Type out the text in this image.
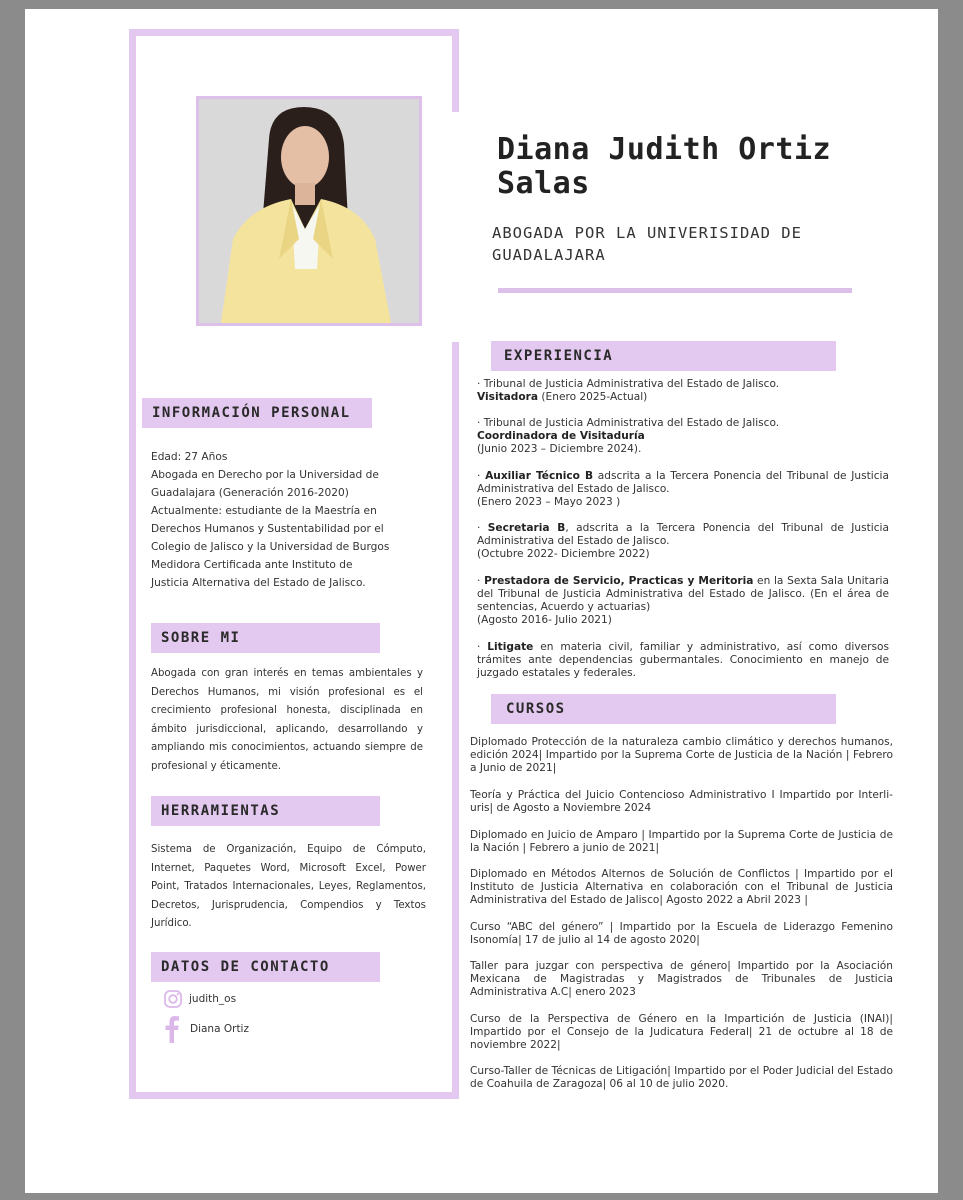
Diana Judith Ortiz
Salas
ABOGADA POR LA UNIVERISIDAD DE
GUADALAJARA
INFORMACIÓN PERSONAL

Edad: 27 Años

Abogada en Derecho por la Universidad de Guadalajara (Generación 2016-2020)

Actualmente: estudiante de la Maestría en Derechos Humanos y Sustentabilidad por el Colegio de Jalisco y la Universidad de Burgos

Medidora Certificada ante Instituto de Justicia Alternativa del Estado de Jalisco.

SOBRE MI
Abogada con gran interés en temas ambientales y Derechos Humanos, mi visión profesional es el crecimiento profesional honesta, disciplinada en ámbito jurisdiccional, aplicando, desarrollando y ampliando mis conocimientos, actuando siempre de profesional y éticamente.
HERRAMIENTAS
Sistema de Organización, Equipo de Cómputo, Internet, Paquetes Word, Microsoft Excel, Power Point, Tratados Internacionales, Leyes, Reglamentos, Decretos, Jurisprudencia, Compendios y Textos Jurídico.
DATOS DE CONTACTO
judith_os
Diana Ortiz
EXPERIENCIA
· Tribunal de Justicia Administrativa del Estado de Jalisco.
Visitadora (Enero 2025-Actual)
· Tribunal de Justicia Administrativa del Estado de Jalisco.
Coordinadora de Visitaduría
(Junio 2023 – Diciembre 2024).
· Auxiliar Técnico B adscrita a la Tercera Ponencia del Tribunal de Justicia Administrativa del Estado de Jalisco.
(Enero 2023 – Mayo 2023 )
· Secretaria B, adscrita a la Tercera Ponencia del Tribunal de Justicia Administrativa del Estado de Jalisco.
(Octubre 2022- Diciembre 2022)
· Prestadora de Servicio, Practicas y Meritoria en la Sexta Sala Unitaria del Tribunal de Justicia Administrativa del Estado de Jalisco. (En el área de sentencias, Acuerdo y actuarias)
(Agosto 2016- Julio 2021)
· Litigate en materia civil, familiar y administrativo, así como diversos trámites ante dependencias gubermantales. Conocimiento en manejo de juzgado estatales y federales.
CURSOS
Diplomado Protección de la naturaleza cambio climático y derechos humanos, edición 2024| Impartido por la Suprema Corte de Justicia de la Nación | Febrero a Junio de 2021|
Teoría y Práctica del Juicio Contencioso Administrativo I Impartido por Interli-uris| de Agosto a Noviembre 2024
Diplomado en Juicio de Amparo | Impartido por la Suprema Corte de Justicia de la Nación | Febrero a junio de 2021|
Diplomado en Métodos Alternos de Solución de Conflictos | Impartido por el Instituto de Justicia Alternativa en colaboración con el Tribunal de Justicia Administrativa del Estado de Jalisco| Agosto 2022 a Abril 2023 |
Curso “ABC del género” | Impartido por la Escuela de Liderazgo Femenino Isonomía| 17 de julio al 14 de agosto 2020|
Taller para juzgar con perspectiva de género| Impartido por la Asociación Mexicana de Magistradas y Magistrados de Tribunales de Justicia Administrativa A.C| enero 2023
Curso de la Perspectiva de Género en la Impartición de Justicia (INAI)| Impartido por el Consejo de la Judicatura Federal| 21 de octubre al 18 de noviembre 2022|
Curso-Taller de Técnicas de Litigación| Impartido por el Poder Judicial del Estado de Coahuila de Zaragoza| 06 al 10 de julio 2020.
